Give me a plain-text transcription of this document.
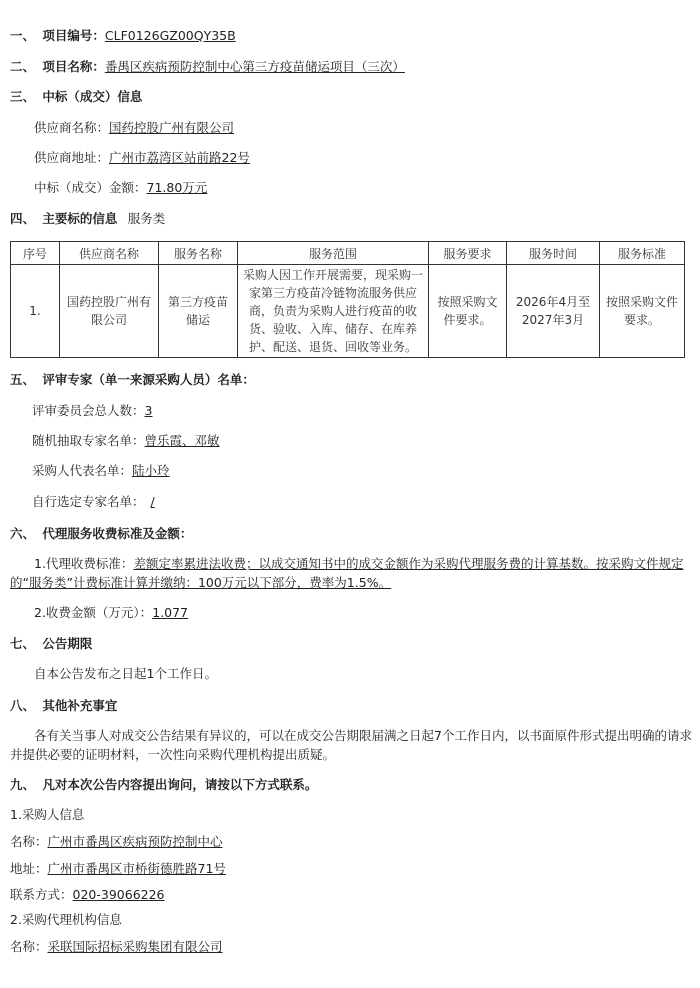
一、 项目编号：CLF0126GZ00QY35B
二、 项目名称：番禺区疾病预防控制中心第三方疫苗储运项目（三次）
三、 中标（成交）信息
供应商名称：国药控股广州有限公司
供应商地址：广州市荔湾区站前路22号
中标（成交）金额：71.80万元
四、 主要标的信息 服务类
序号	供应商名称	服务名称	服务范围	服务要求	服务时间	服务标准
1.	国药控股广州有限公司	第三方疫苗储运	采购人因工作开展需要，现采购一家第三方疫苗冷链物流服务供应商，负责为采购人进行疫苗的收货、验收、入库、储存、在库养护、配送、退货、回收等业务。	按照采购文件要求。	2026年4月至2027年3月	按照采购文件要求。
五、 评审专家（单一来源采购人员）名单：
评审委员会总人数：3
随机抽取专家名单：曾乐霞、邓敏
采购人代表名单：陆小玲
自行选定专家名单： /
六、 代理服务收费标准及金额：
1.代理收费标准：差额定率累进法收费；以成交通知书中的成交金额作为采购代理服务费的计算基数。按采购文件规定
的“服务类”计费标准计算并缴纳：100万元以下部分，费率为1.5%。
2.收费金额（万元）：1.077
七、 公告期限
自本公告发布之日起1个工作日。
八、 其他补充事宜
各有关当事人对成交公告结果有异议的，可以在成交公告期限届满之日起7个工作日内，以书面原件形式提出明确的请求
并提供必要的证明材料，一次性向采购代理机构提出质疑。
九、 凡对本次公告内容提出询问，请按以下方式联系。
1.采购人信息
名称：广州市番禺区疾病预防控制中心
地址：广州市番禺区市桥街德胜路71号
联系方式：020-39066226
2.采购代理机构信息
名称：采联国际招标采购集团有限公司
